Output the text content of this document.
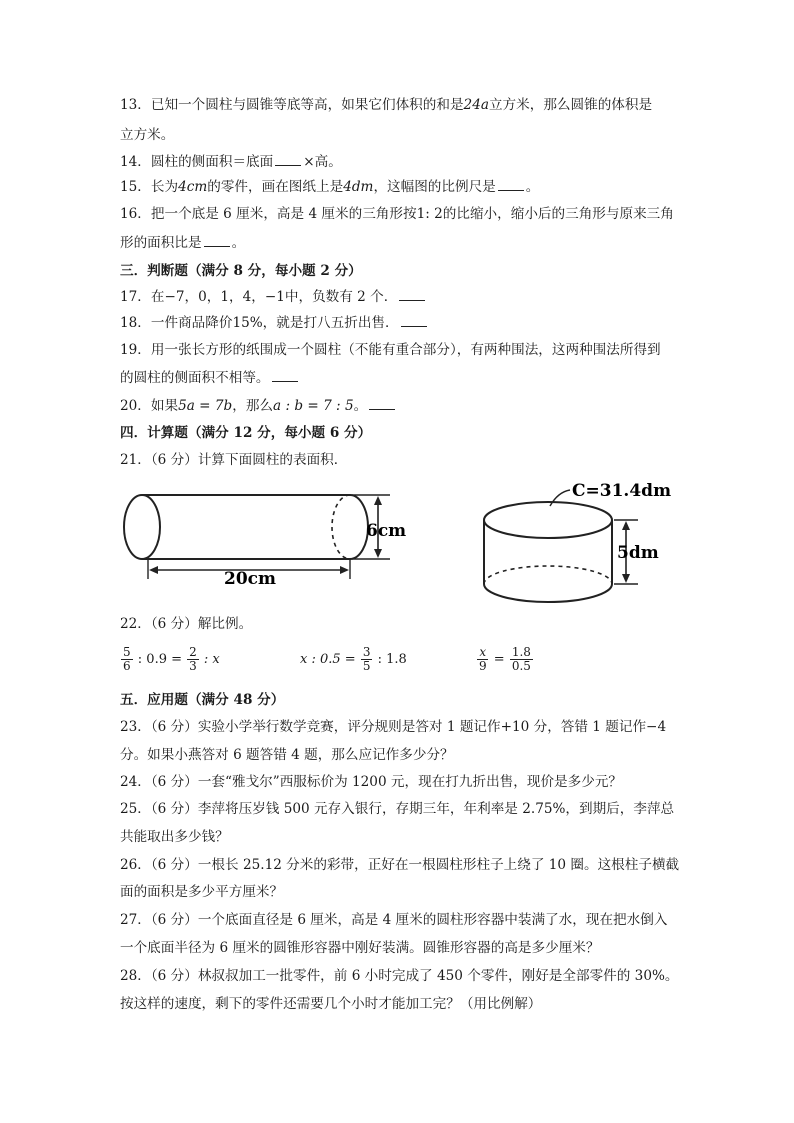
13．已知一个圆柱与圆锥等底等高，如果它们体积的和是24a立方米，那么圆锥的体积是
立方米。
14．圆柱的侧面积＝底面 ×高。
15．长为4cm的零件，画在图纸上是4dm，这幅图的比例尺是 。
16．把一个底是 6 厘米，高是 4 厘米的三角形按1: 2的比缩小，缩小后的三角形与原来三角
形的面积比是 。
三．判断题（满分 8 分，每小题 2 分）
17．在−7，0，1，4，−1中，负数有 2 个．
18．一件商品降价15%，就是打八五折出售．
19．用一张长方形的纸围成一个圆柱（不能有重合部分），有两种围法，这两种围法所得到
的圆柱的侧面积不相等。
20．如果5a = 7b，那么a : b = 7 : 5。
四．计算题（满分 12 分，每小题 6 分）
21．（6 分）计算下面圆柱的表面积．
6cm
20cm
C=31.4dm
5dm
22．（6 分）解比例。
$\frac{5}{6}$ : $0.9 = \frac{2}{3}$ : x	x : $0.5 = \frac{3}{5}$ : 1.8	$\frac{x}{9} = \frac{1.8}{0.5}$
五．应用题（满分 48 分）
23．（6 分）实验小学举行数学竞赛，评分规则是答对 1 题记作+10 分，答错 1 题记作−4
分。如果小燕答对 6 题答错 4 题，那么应记作多少分？
24．（6 分）一套“雅戈尔”西服标价为 1200 元，现在打九折出售，现价是多少元？
25．（6 分）李萍将压岁钱 500 元存入银行，存期三年，年利率是 2.75%，到期后，李萍总
共能取出多少钱？
26．（6 分）一根长 25.12 分米的彩带，正好在一根圆柱形柱子上绕了 10 圈。这根柱子横截
面的面积是多少平方厘米？
27．（6 分）一个底面直径是 6 厘米，高是 4 厘米的圆柱形容器中装满了水，现在把水倒入
一个底面半径为 6 厘米的圆锥形容器中刚好装满。圆锥形容器的高是多少厘米？
28．（6 分）林叔叔加工一批零件，前 6 小时完成了 450 个零件，刚好是全部零件的 30%。
按这样的速度，剩下的零件还需要几个小时才能加工完？（用比例解）
